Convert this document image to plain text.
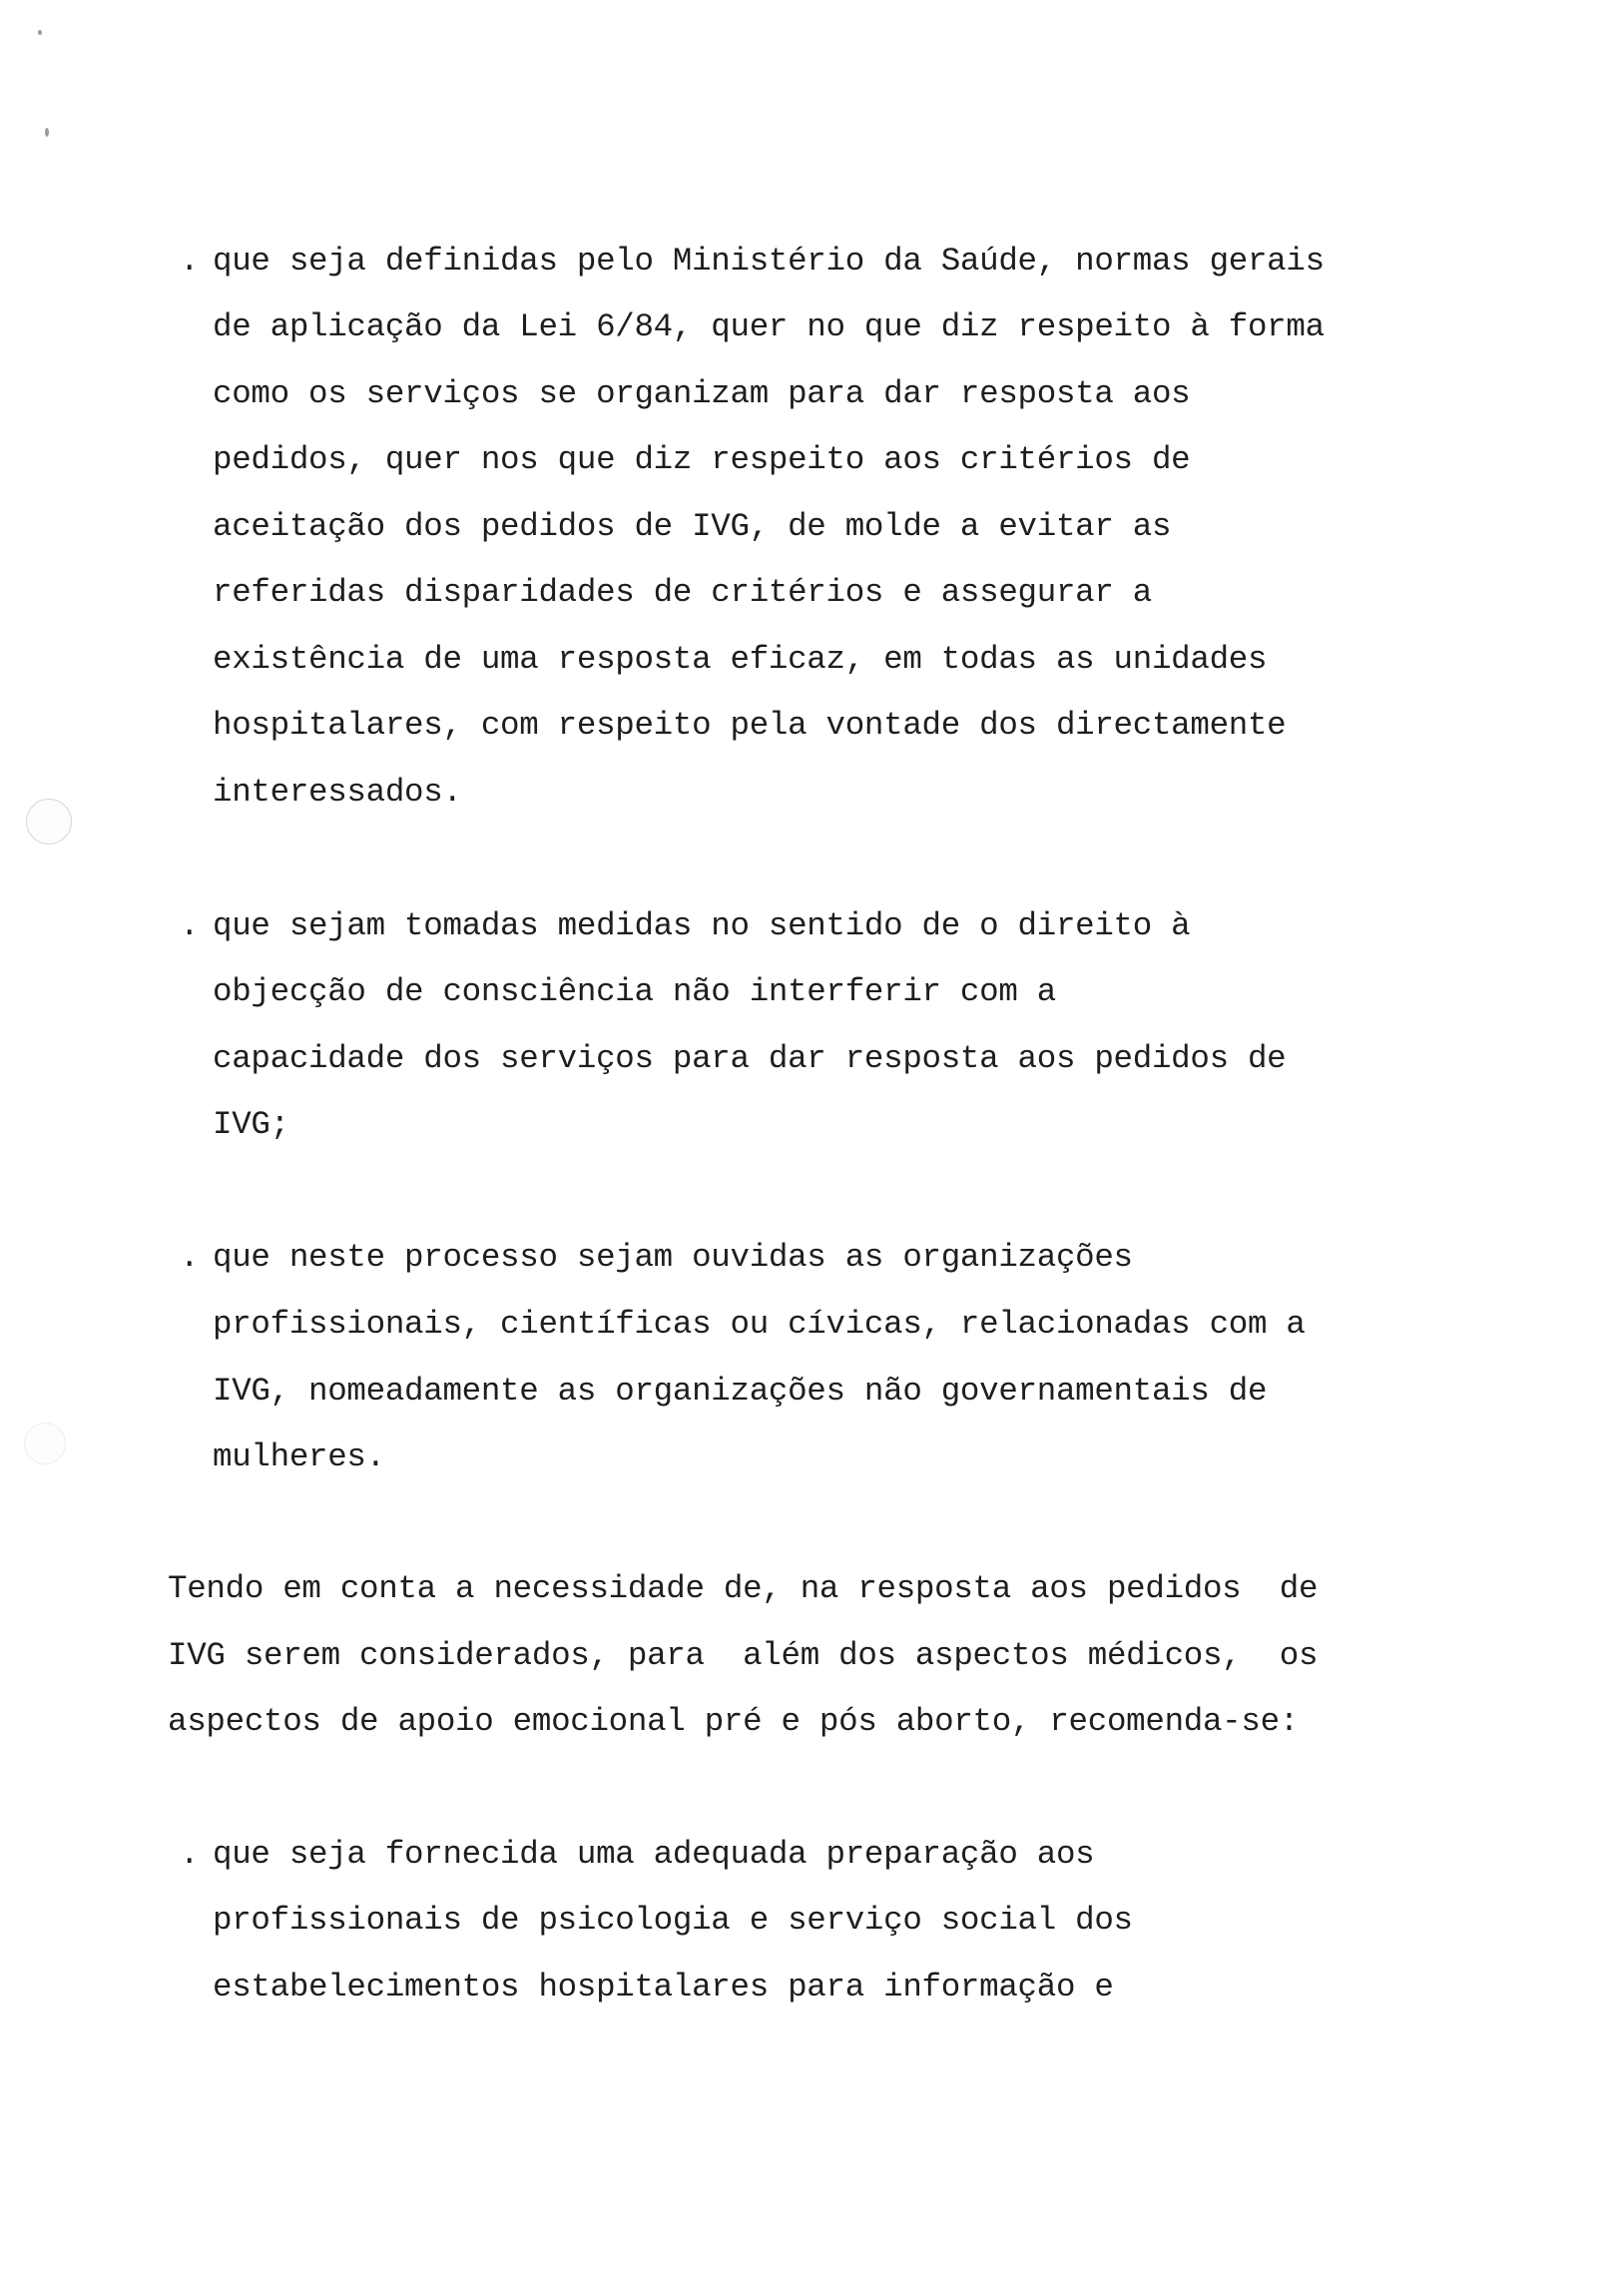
. que seja definidas pelo Ministério da Saúde, normas gerais
de aplicação da Lei 6/84, quer no que diz respeito à forma
como os serviços se organizam para dar resposta aos
pedidos, quer nos que diz respeito aos critérios de
aceitação dos pedidos de IVG, de molde a evitar as
referidas disparidades de critérios e assegurar a
existência de uma resposta eficaz, em todas as unidades
hospitalares, com respeito pela vontade dos directamente
interessados.
. que sejam tomadas medidas no sentido de o direito à
objecção de consciência não interferir com a
capacidade dos serviços para dar resposta aos pedidos de
IVG;
. que neste processo sejam ouvidas as organizações
profissionais, científicas ou cívicas, relacionadas com a
IVG, nomeadamente as organizações não governamentais de
mulheres.
Tendo em conta a necessidade de, na resposta aos pedidos  de
IVG serem considerados, para  além dos aspectos médicos,  os
aspectos de apoio emocional pré e pós aborto, recomenda-se:
. que seja fornecida uma adequada preparação aos
profissionais de psicologia e serviço social dos
estabelecimentos hospitalares para informação e
